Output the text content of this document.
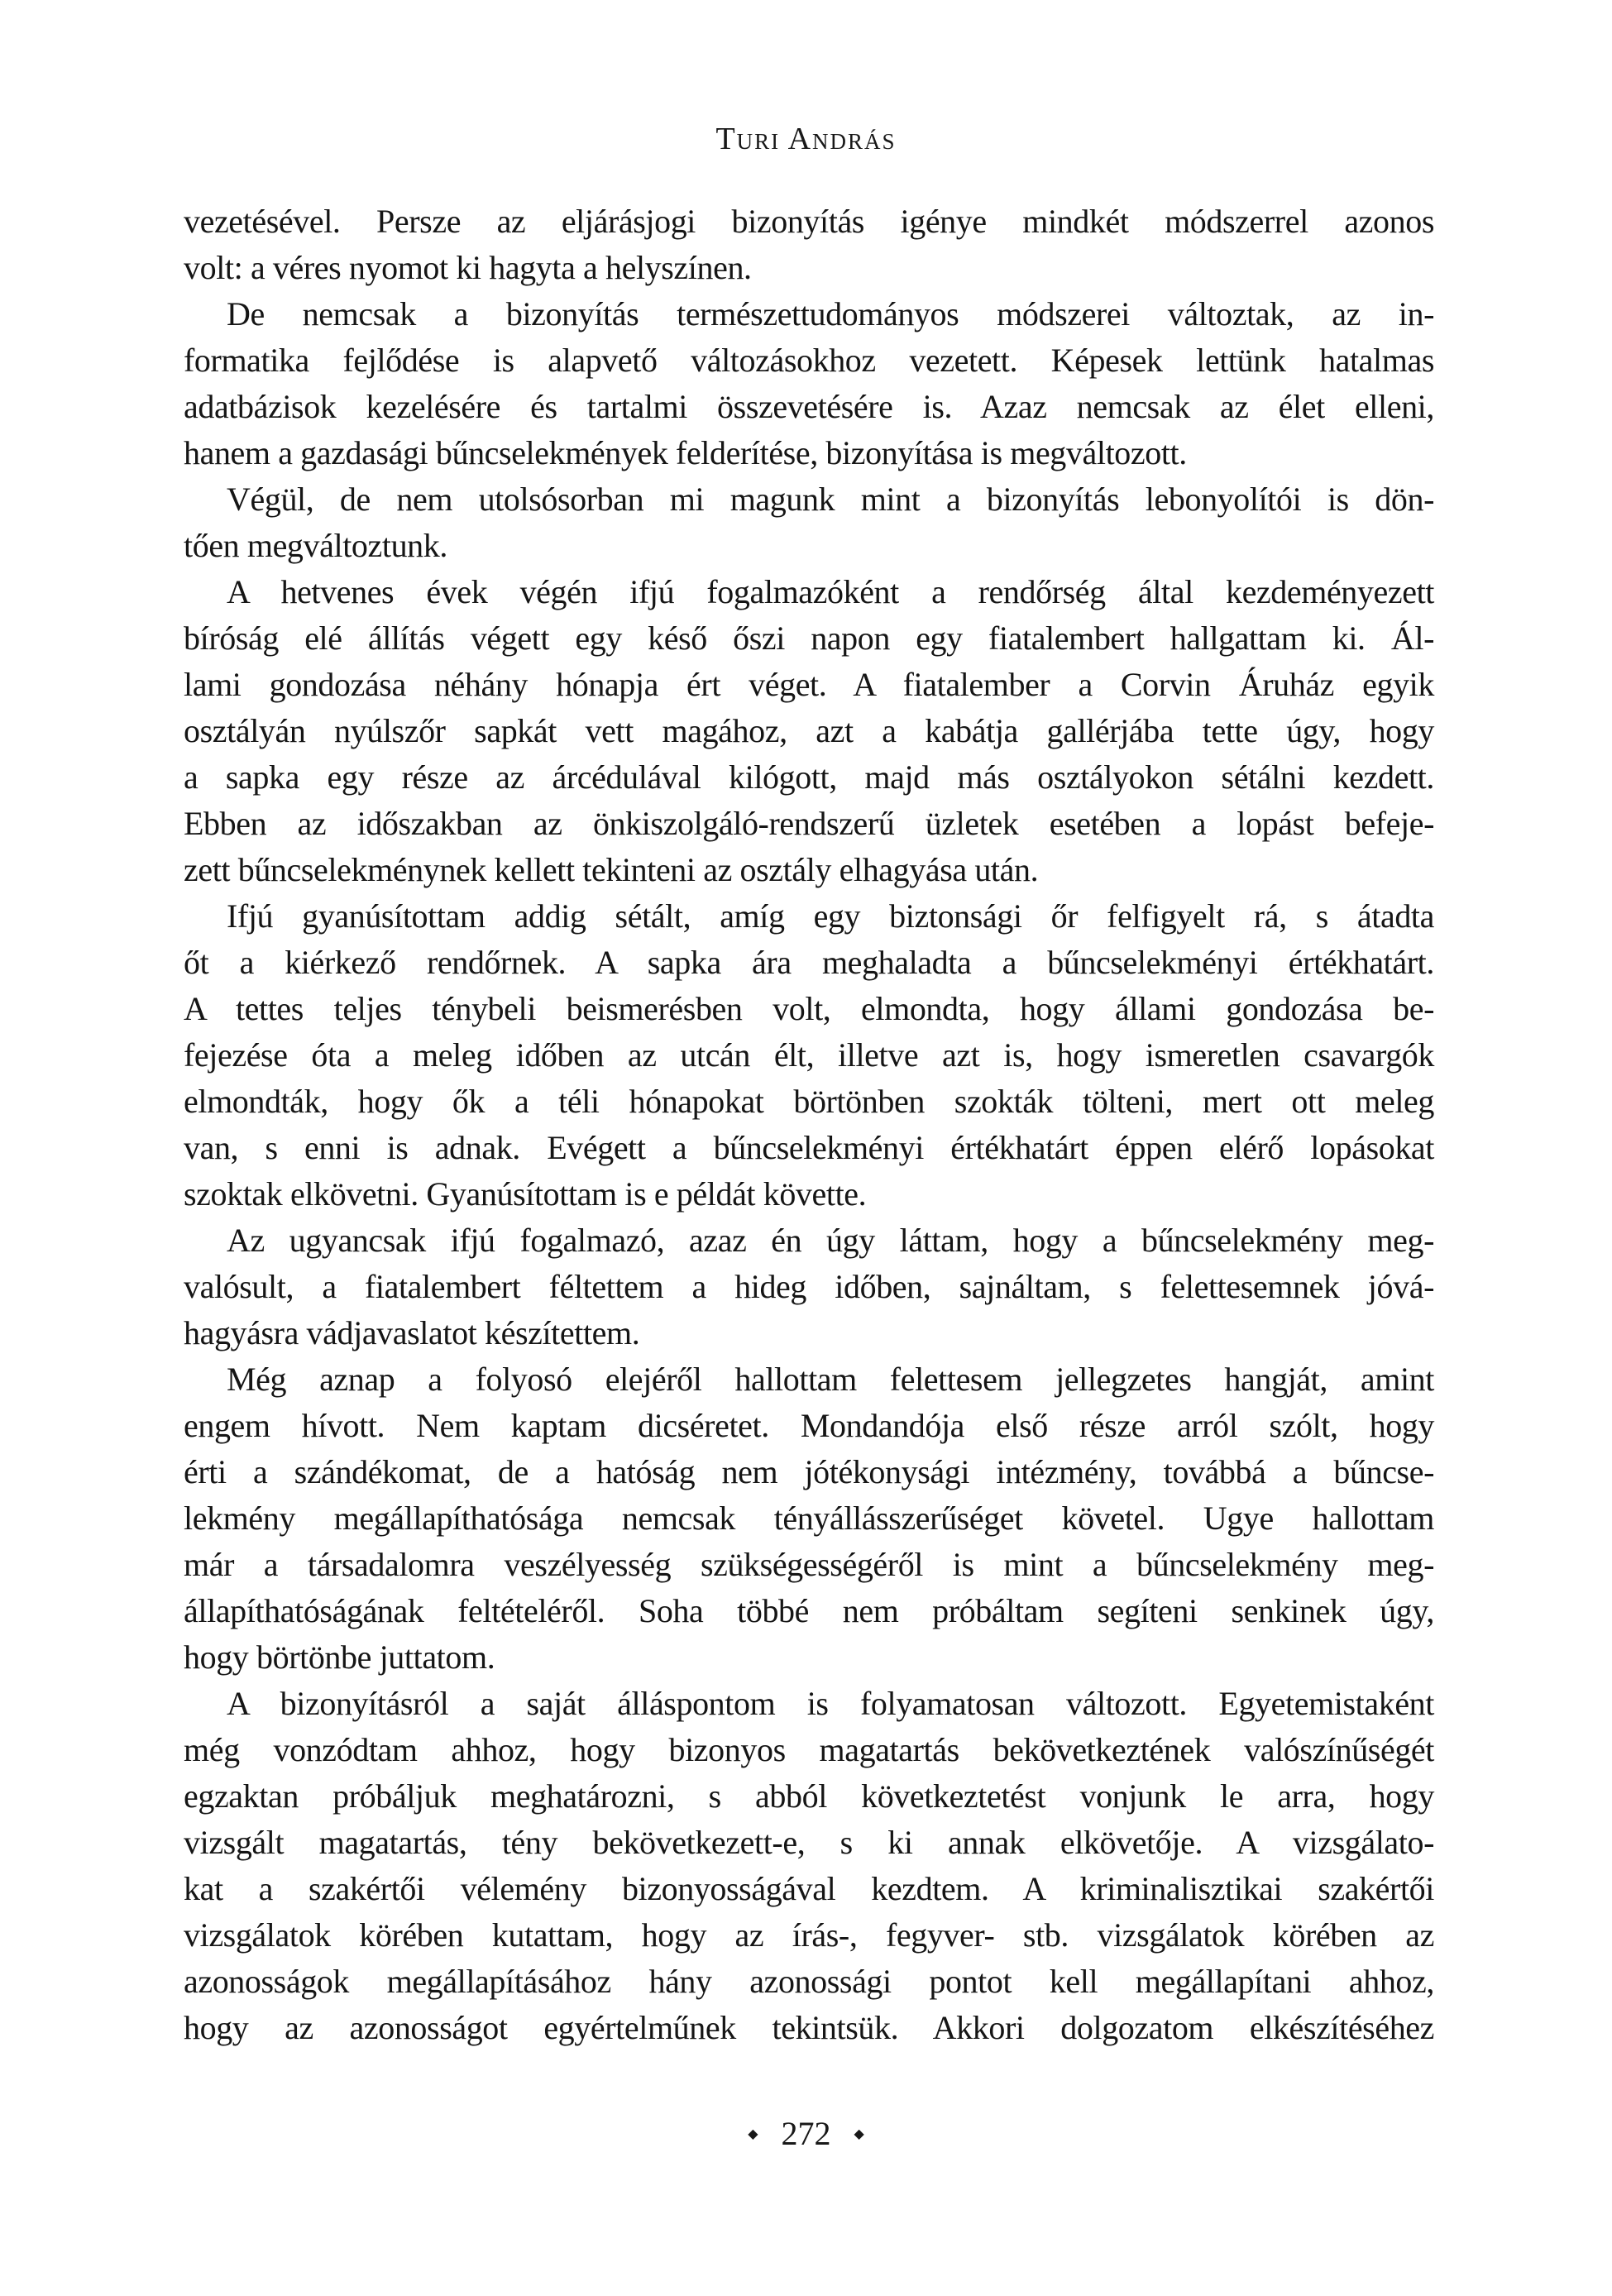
Turi András
vezetésével. Persze az eljárásjogi bizonyítás igénye mindkét módszerrel azonos
volt: a véres nyomot ki hagyta a helyszínen.
De nemcsak a bizonyítás természettudományos módszerei változtak, az in-
formatika fejlődése is alapvető változásokhoz vezetett. Képesek lettünk hatalmas
adatbázisok kezelésére és tartalmi összevetésére is. Azaz nemcsak az élet elleni,
hanem a gazdasági bűncselekmények felderítése, bizonyítása is megváltozott.
Végül, de nem utolsósorban mi magunk mint a bizonyítás lebonyolítói is dön-
tően megváltoztunk.
A hetvenes évek végén ifjú fogalmazóként a rendőrség által kezdeményezett
bíróság elé állítás végett egy késő őszi napon egy fiatalembert hallgattam ki. Ál-
lami gondozása néhány hónapja ért véget. A fiatalember a Corvin Áruház egyik
osztályán nyúlszőr sapkát vett magához, azt a kabátja gallérjába tette úgy, hogy
a sapka egy része az árcédulával kilógott, majd más osztályokon sétálni kezdett.
Ebben az időszakban az önkiszolgáló-rendszerű üzletek esetében a lopást befeje-
zett bűncselekménynek kellett tekinteni az osztály elhagyása után.
Ifjú gyanúsítottam addig sétált, amíg egy biztonsági őr felfigyelt rá, s átadta
őt a kiérkező rendőrnek. A sapka ára meghaladta a bűncselekményi értékhatárt.
A tettes teljes ténybeli beismerésben volt, elmondta, hogy állami gondozása be-
fejezése óta a meleg időben az utcán élt, illetve azt is, hogy ismeretlen csavargók
elmondták, hogy ők a téli hónapokat börtönben szokták tölteni, mert ott meleg
van, s enni is adnak. Evégett a bűncselekményi értékhatárt éppen elérő lopásokat
szoktak elkövetni. Gyanúsítottam is e példát követte.
Az ugyancsak ifjú fogalmazó, azaz én úgy láttam, hogy a bűncselekmény meg-
valósult, a fiatalembert féltettem a hideg időben, sajnáltam, s felettesemnek jóvá-
hagyásra vádjavaslatot készítettem.
Még aznap a folyosó elejéről hallottam felettesem jellegzetes hangját, amint
engem hívott. Nem kaptam dicséretet. Mondandója első része arról szólt, hogy
érti a szándékomat, de a hatóság nem jótékonysági intézmény, továbbá a bűncse-
lekmény megállapíthatósága nemcsak tényállásszerűséget követel. Ugye hallottam
már a társadalomra veszélyesség szükségességéről is mint a bűncselekmény meg-
állapíthatóságának feltételéről. Soha többé nem próbáltam segíteni senkinek úgy,
hogy börtönbe juttatom.
A bizonyításról a saját álláspontom is folyamatosan változott. Egyetemistaként
még vonzódtam ahhoz, hogy bizonyos magatartás bekövetkeztének valószínűségét
egzaktan próbáljuk meghatározni, s abból következtetést vonjunk le arra, hogy
vizsgált magatartás, tény bekövetkezett-e, s ki annak elkövetője. A vizsgálato-
kat a szakértői vélemény bizonyosságával kezdtem. A kriminalisztikai szakértői
vizsgálatok körében kutattam, hogy az írás-, fegyver- stb. vizsgálatok körében az
azonosságok megállapításához hány azonossági pontot kell megállapítani ahhoz,
hogy az azonosságot egyértelműnek tekintsük. Akkori dolgozatom elkészítéséhez
◆ 272 ◆
